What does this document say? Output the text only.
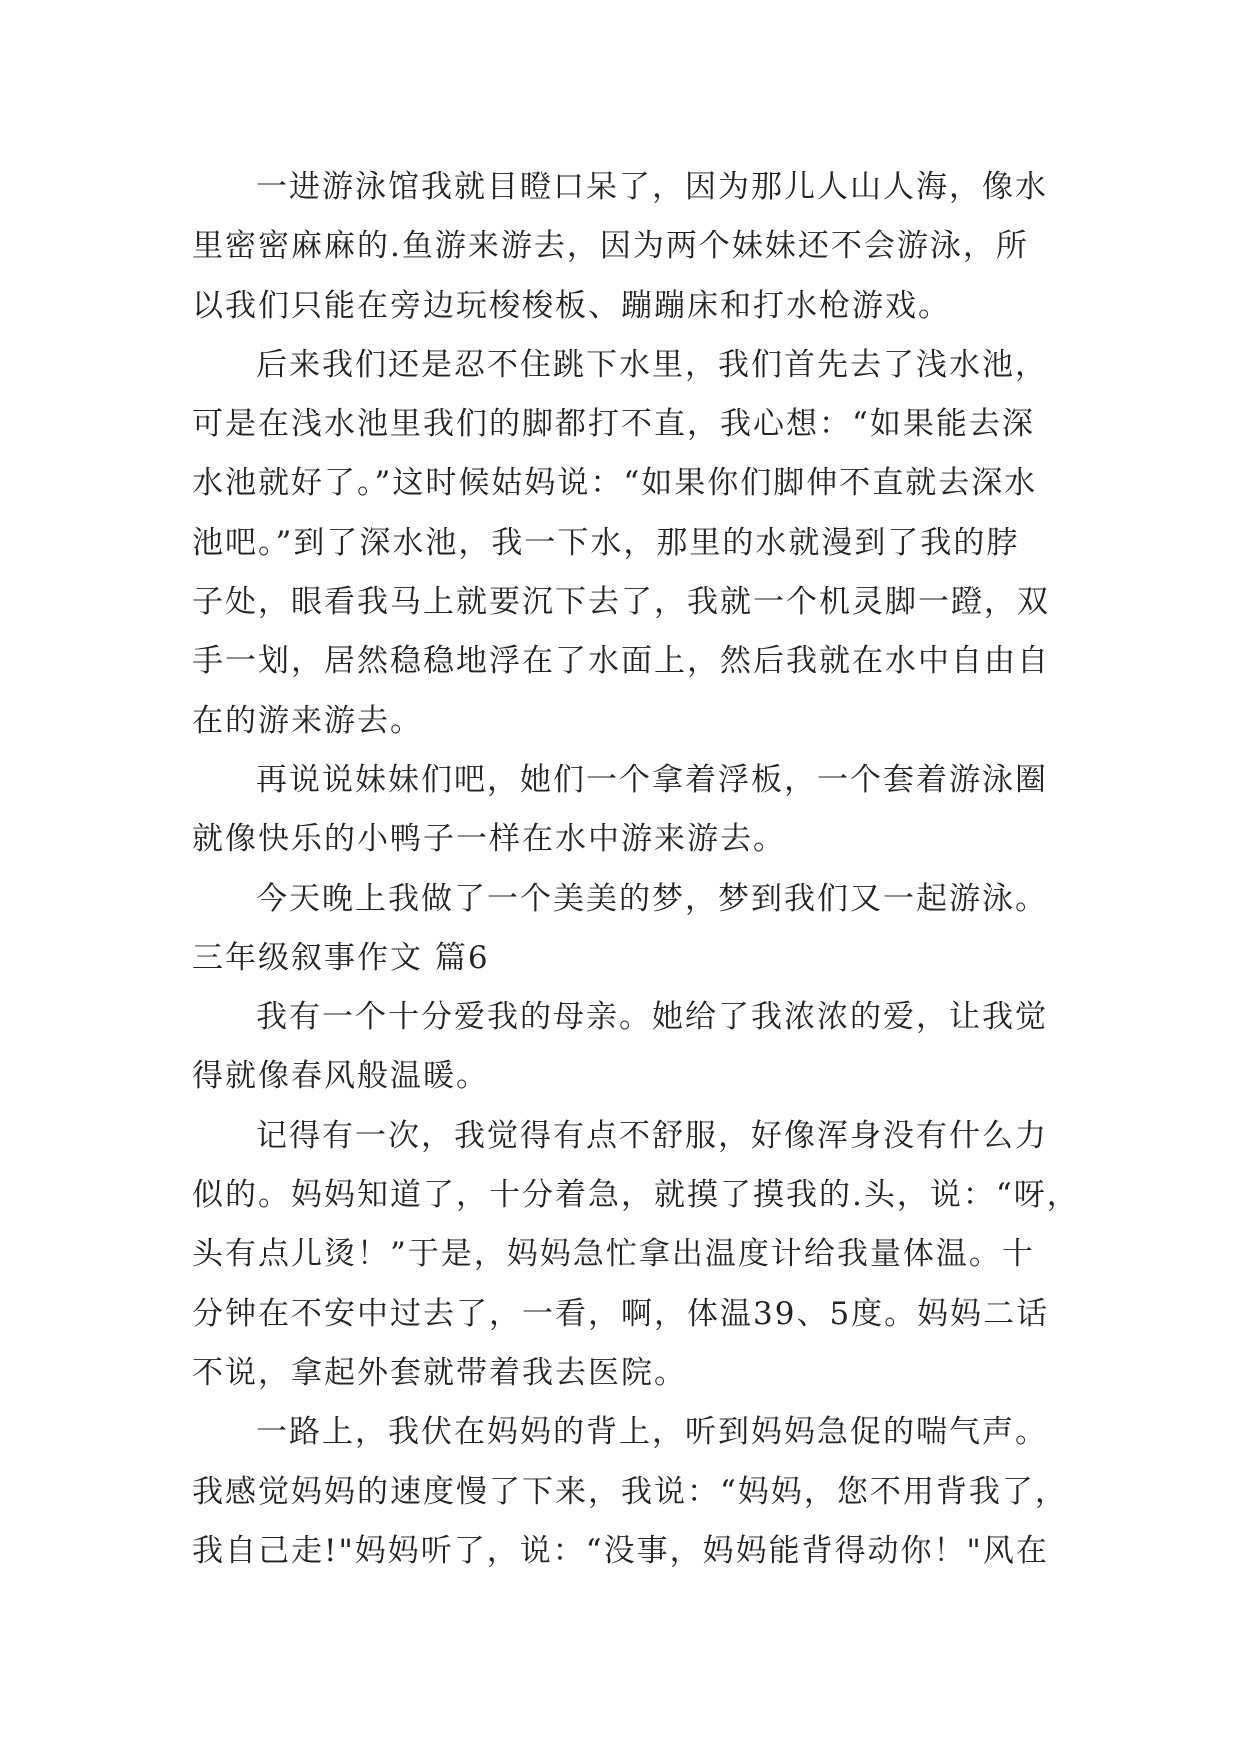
一进游泳馆我就目瞪口呆了，因为那儿人山人海，像水
里密密麻麻的.鱼游来游去，因为两个妹妹还不会游泳，所
以我们只能在旁边玩梭梭板、蹦蹦床和打水枪游戏。
后来我们还是忍不住跳下水里，我们首先去了浅水池，
可是在浅水池里我们的脚都打不直，我心想：“如果能去深
水池就好了。”这时候姑妈说：“如果你们脚伸不直就去深水
池吧。”到了深水池，我一下水，那里的水就漫到了我的脖
子处，眼看我马上就要沉下去了，我就一个机灵脚一蹬，双
手一划，居然稳稳地浮在了水面上，然后我就在水中自由自
在的游来游去。
再说说妹妹们吧，她们一个拿着浮板，一个套着游泳圈
就像快乐的小鸭子一样在水中游来游去。
今天晚上我做了一个美美的梦，梦到我们又一起游泳。
三年级叙事作文 篇6
我有一个十分爱我的母亲。她给了我浓浓的爱，让我觉
得就像春风般温暖。
记得有一次，我觉得有点不舒服，好像浑身没有什么力
似的。妈妈知道了，十分着急，就摸了摸我的.头，说：“呀，
头有点儿烫！”于是，妈妈急忙拿出温度计给我量体温。十
分钟在不安中过去了，一看，啊，体温39、5度。妈妈二话
不说，拿起外套就带着我去医院。
一路上，我伏在妈妈的背上，听到妈妈急促的喘气声。
我感觉妈妈的速度慢了下来，我说：“妈妈，您不用背我了，
我自己走!"妈妈听了，说：“没事，妈妈能背得动你！"风在
